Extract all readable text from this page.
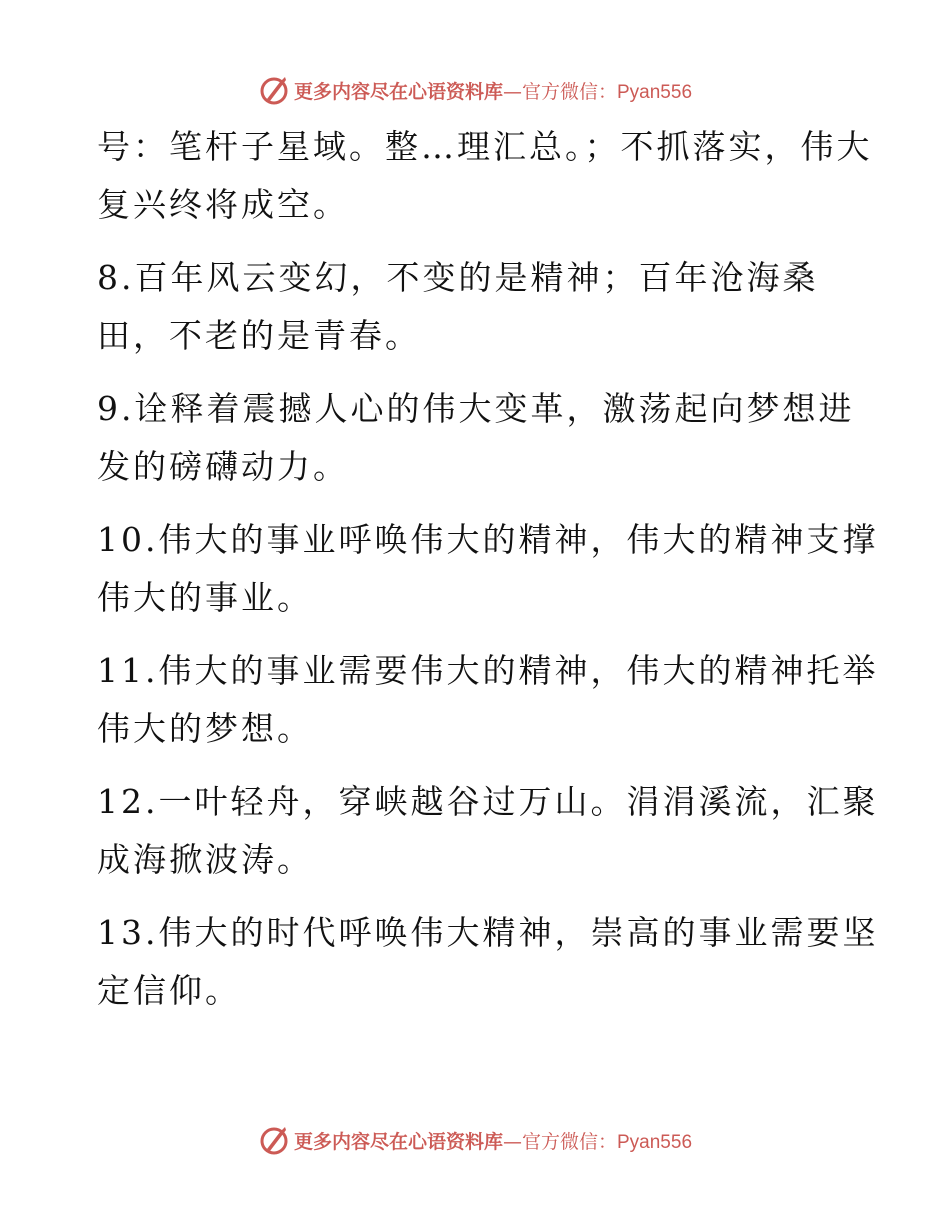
更多内容尽在心语资料库—官方微信：Pyan556
号：笔杆子星域。整…理汇总。；不抓落实，伟大
复兴终将成空。
8.百年风云变幻，不变的是精神；百年沧海桑
田，不老的是青春。
9.诠释着震撼人心的伟大变革，激荡起向梦想进
发的磅礴动力。
10.伟大的事业呼唤伟大的精神，伟大的精神支撑
伟大的事业。
11.伟大的事业需要伟大的精神，伟大的精神托举
伟大的梦想。
12.一叶轻舟，穿峡越谷过万山。涓涓溪流，汇聚
成海掀波涛。
13.伟大的时代呼唤伟大精神，崇高的事业需要坚
定信仰。
更多内容尽在心语资料库—官方微信：Pyan556
